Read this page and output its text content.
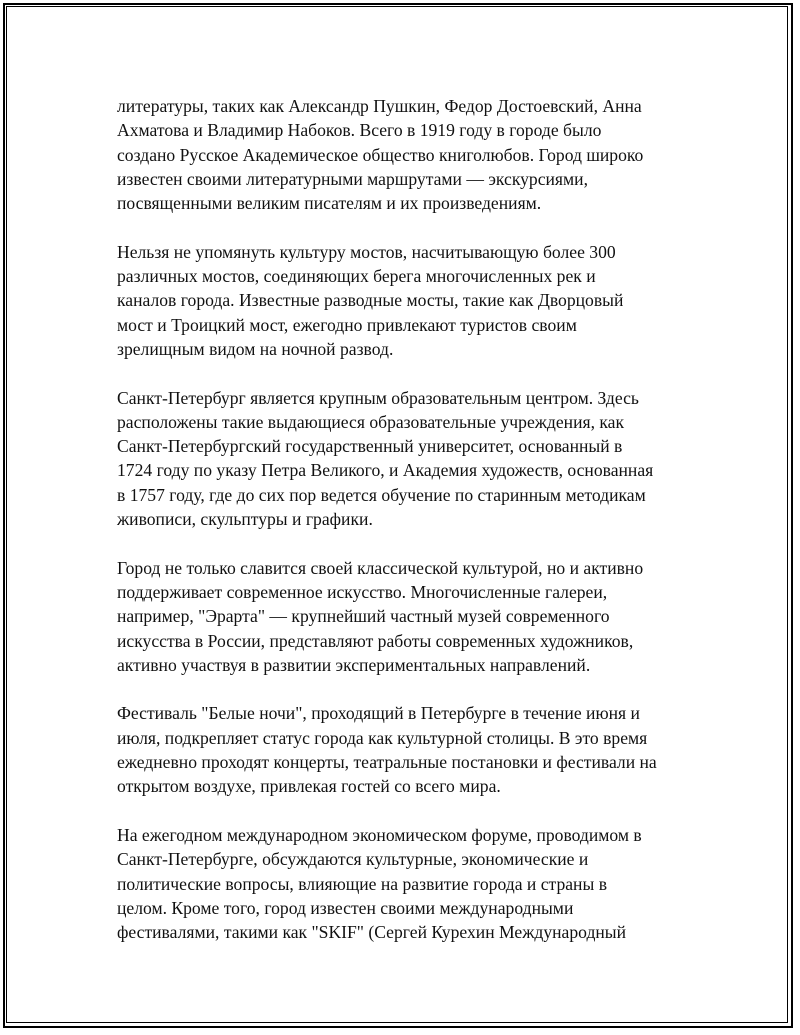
литературы, таких как Александр Пушкин, Федор Достоевский, Анна
Ахматова и Владимир Набоков. Всего в 1919 году в городе было
создано Русское Академическое общество книголюбов. Город широко
известен своими литературными маршрутами — экскурсиями,
посвященными великим писателям и их произведениям.

Нельзя не упомянуть культуру мостов, насчитывающую более 300
различных мостов, соединяющих берега многочисленных рек и
каналов города. Известные разводные мосты, такие как Дворцовый
мост и Троицкий мост, ежегодно привлекают туристов своим
зрелищным видом на ночной развод.

Санкт-Петербург является крупным образовательным центром. Здесь
расположены такие выдающиеся образовательные учреждения, как
Санкт-Петербургский государственный университет, основанный в
1724 году по указу Петра Великого, и Академия художеств, основанная
в 1757 году, где до сих пор ведется обучение по старинным методикам
живописи, скульптуры и графики.

Город не только славится своей классической культурой, но и активно
поддерживает современное искусство. Многочисленные галереи,
например, "Эрарта" — крупнейший частный музей современного
искусства в России, представляют работы современных художников,
активно участвуя в развитии экспериментальных направлений.

Фестиваль "Белые ночи", проходящий в Петербурге в течение июня и
июля, подкрепляет статус города как культурной столицы. В это время
ежедневно проходят концерты, театральные постановки и фестивали на
открытом воздухе, привлекая гостей со всего мира.

На ежегодном международном экономическом форуме, проводимом в
Санкт-Петербурге, обсуждаются культурные, экономические и
политические вопросы, влияющие на развитие города и страны в
целом. Кроме того, город известен своими международными
фестивалями, такими как "SKIF" (Сергей Курехин Международный
